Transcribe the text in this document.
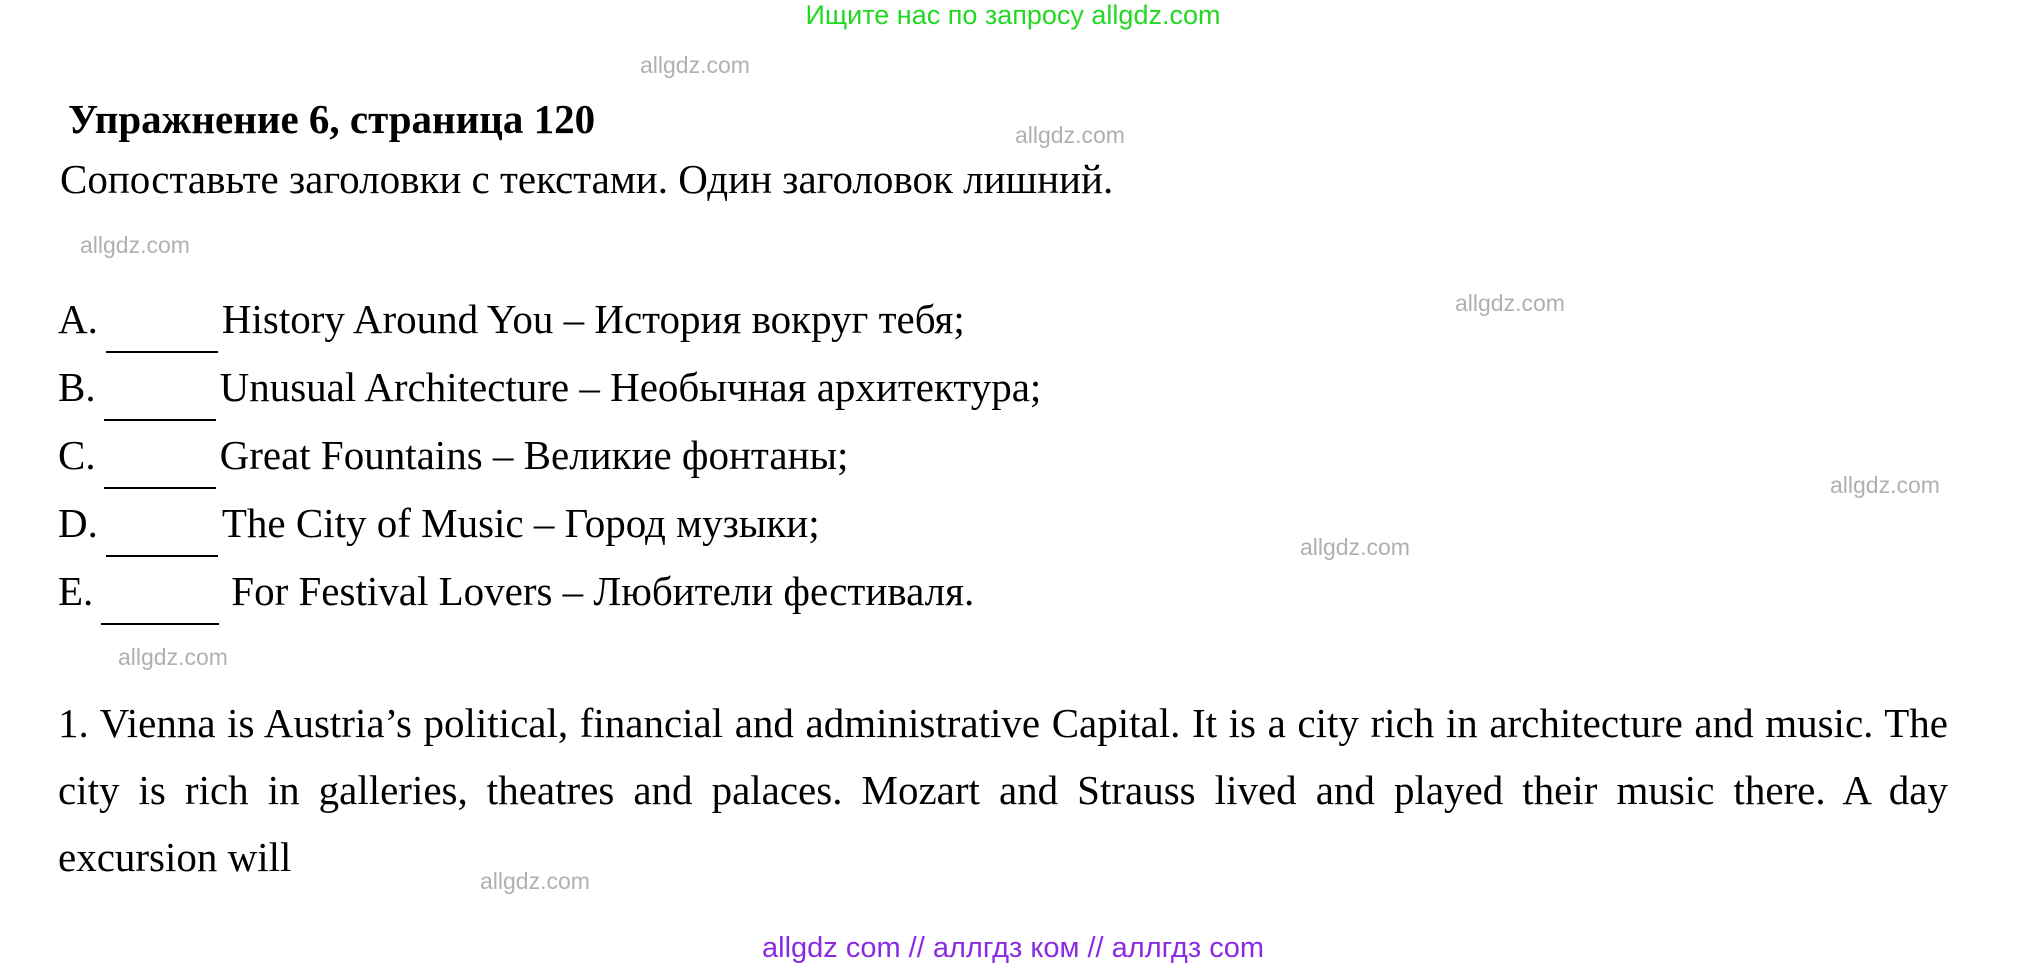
Ищите нас по запросу allgdz.com
allgdz.com
allgdz.com
allgdz.com
allgdz.com
allgdz.com
allgdz.com
allgdz.com
allgdz.com
Упражнение 6, страница 120
Сопоставьте заголовки с текстами. Один заголовок лишний.
A.	History Around You – История вокруг тебя;
B.	Unusual Architecture – Необычная архитектура;
C.	Great Fountains – Великие фонтаны;
D.	The City of Music – Город музыки;
E.	For Festival Lovers – Любители фестиваля.
1. Vienna is Austria’s political, financial and administrative Capital. It is a city rich in architecture and music. The city is rich in galleries, theatres and palaces. Mozart and Strauss lived and played their music there. A day excursion will
allgdz com // аллгдз ком // аллгдз com
